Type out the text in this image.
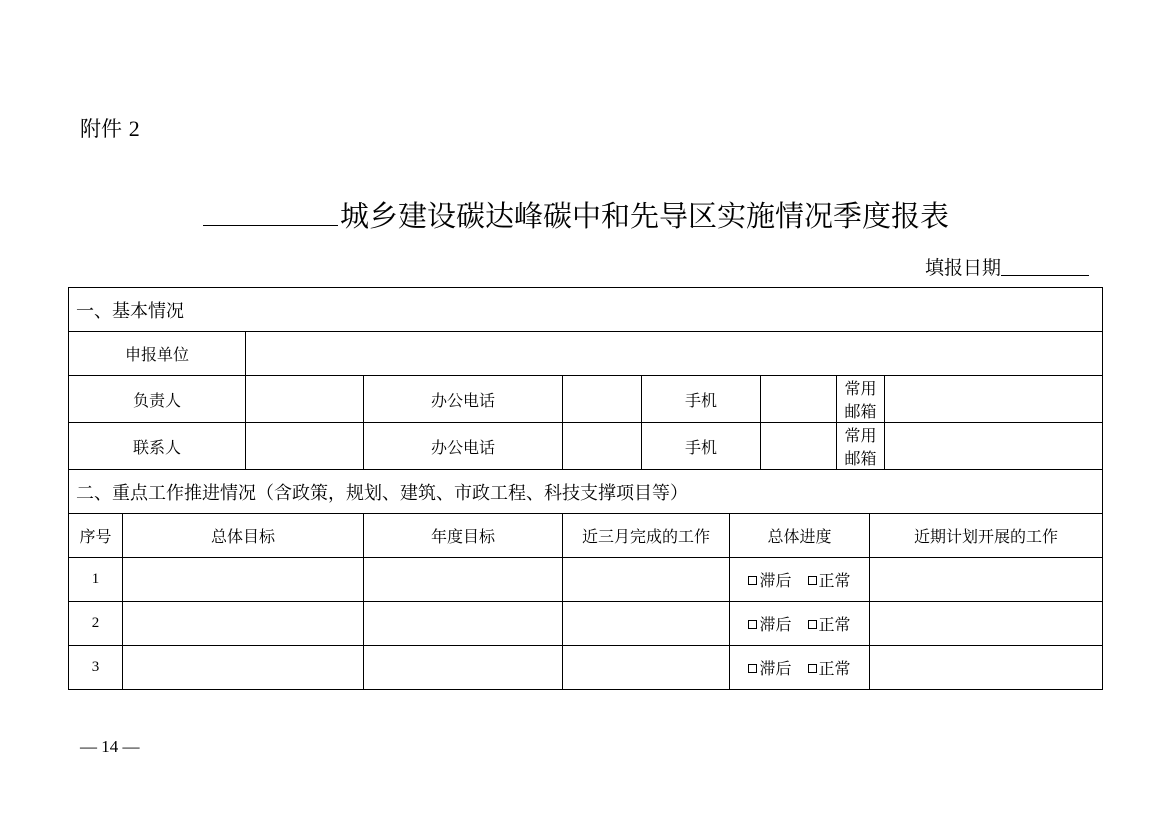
附件 2
城乡建设碳达峰碳中和先导区实施情况季度报表
填报日期
一、基本情况										
申报单位										
负责人			办公电话		手机			常用邮箱		
联系人			办公电话		手机			常用邮箱		
二、重点工作推进情况（含政策，规划、建筑、市政工程、科技支撑项目等）										
序号	总体目标		年度目标	近三月完成的工作		总体进度			近期计划开展的工作	
1						滞后 正常				
2						滞后 正常				
3						滞后 正常				
— 14 —
